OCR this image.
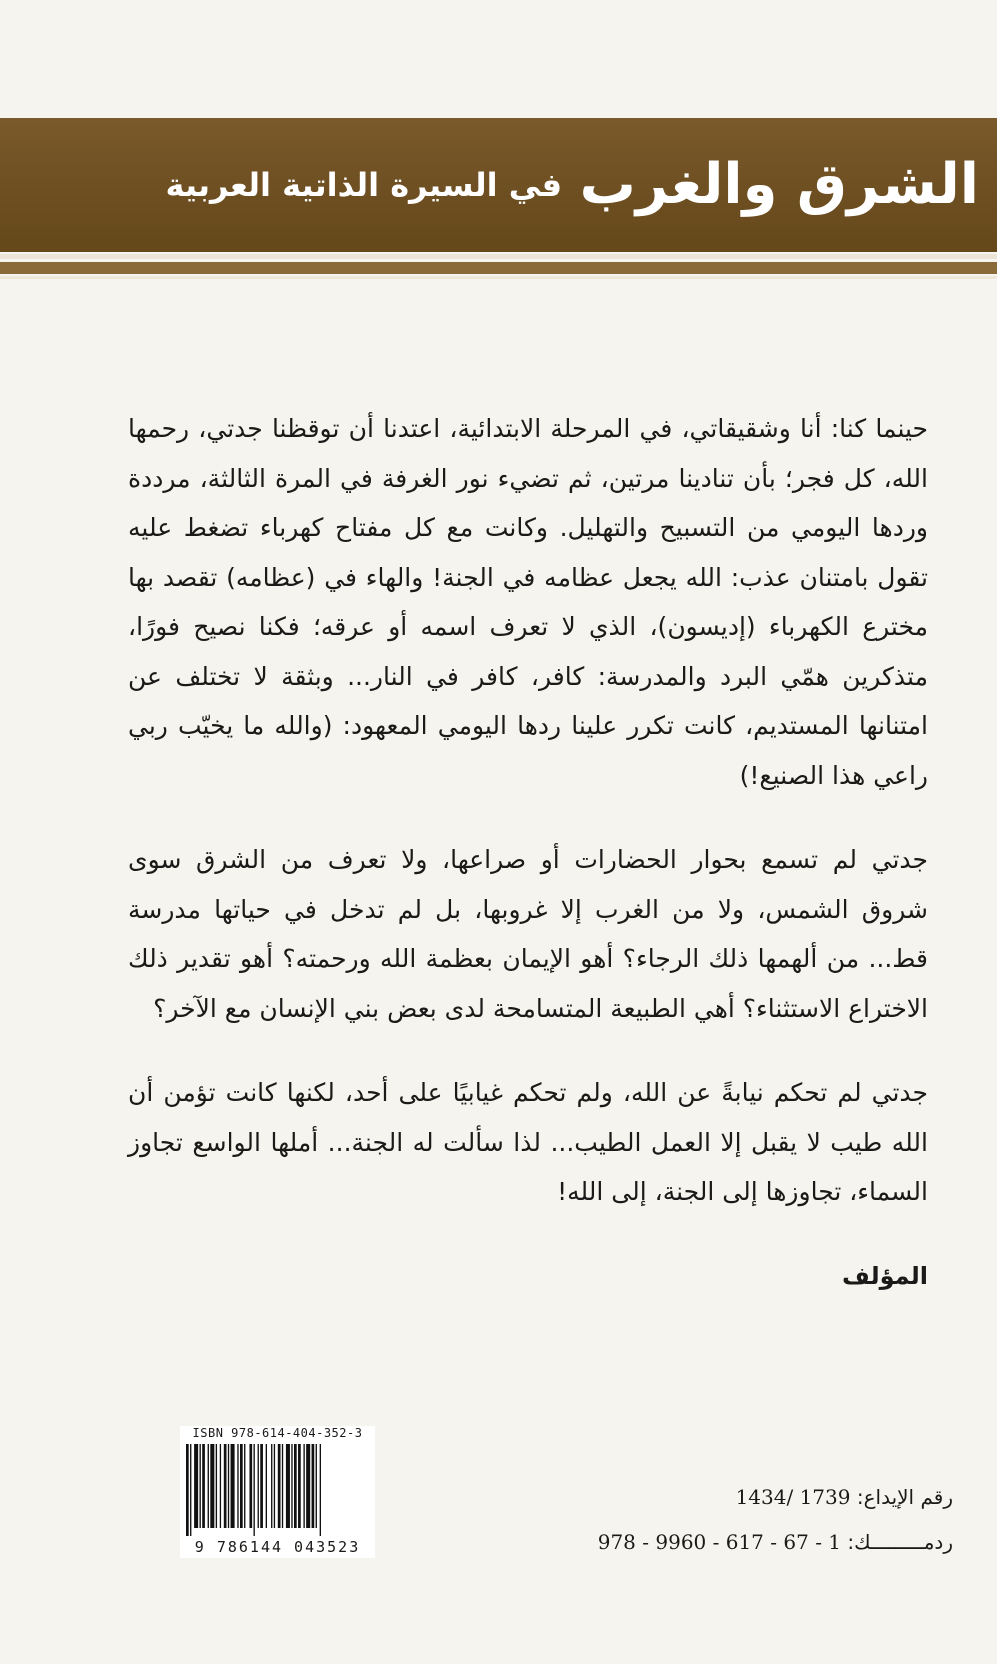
الشرق والغرب في السيرة الذاتية العربية

حينما كنا: أنا وشقيقاتي، في المرحلة الابتدائية، اعتدنا أن توقظنا جدتي، رحمها الله، كل فجر؛ بأن تنادينا مرتين، ثم تضيء نور الغرفة في المرة الثالثة، مرددة وردها اليومي من التسبيح والتهليل. وكانت مع كل مفتاح كهرباء تضغط عليه تقول بامتنان عذب: الله يجعل عظامه في الجنة! والهاء في (عظامه) تقصد بها مخترع الكهرباء (إديسون)، الذي لا تعرف اسمه أو عرقه؛ فكنا نصيح فورًا، متذكرين همّي البرد والمدرسة: كافر، كافر في النار... وبثقة لا تختلف عن امتنانها المستديم، كانت تكرر علينا ردها اليومي المعهود: (والله ما يخيّب ربي راعي هذا الصنيع!)

جدتي لم تسمع بحوار الحضارات أو صراعها، ولا تعرف من الشرق سوى شروق الشمس، ولا من الغرب إلا غروبها، بل لم تدخل في حياتها مدرسة قط... من ألهمها ذلك الرجاء؟ أهو الإيمان بعظمة الله ورحمته؟ أهو تقدير ذلك الاختراع الاستثناء؟ أهي الطبيعة المتسامحة لدى بعض بني الإنسان مع الآخر؟

جدتي لم تحكم نيابةً عن الله، ولم تحكم غيابيًا على أحد، لكنها كانت تؤمن أن الله طيب لا يقبل إلا العمل الطيب... لذا سألت له الجنة... أملها الواسع تجاوز السماء، تجاوزها إلى الجنة، إلى الله!

المؤلف

ISBN 978-614-404-352-3
9 786144 043523
رقم الإيداع: 1434/ 1739
ردمـــــــــك: 978 - 9960 - 617 - 67 - 1
